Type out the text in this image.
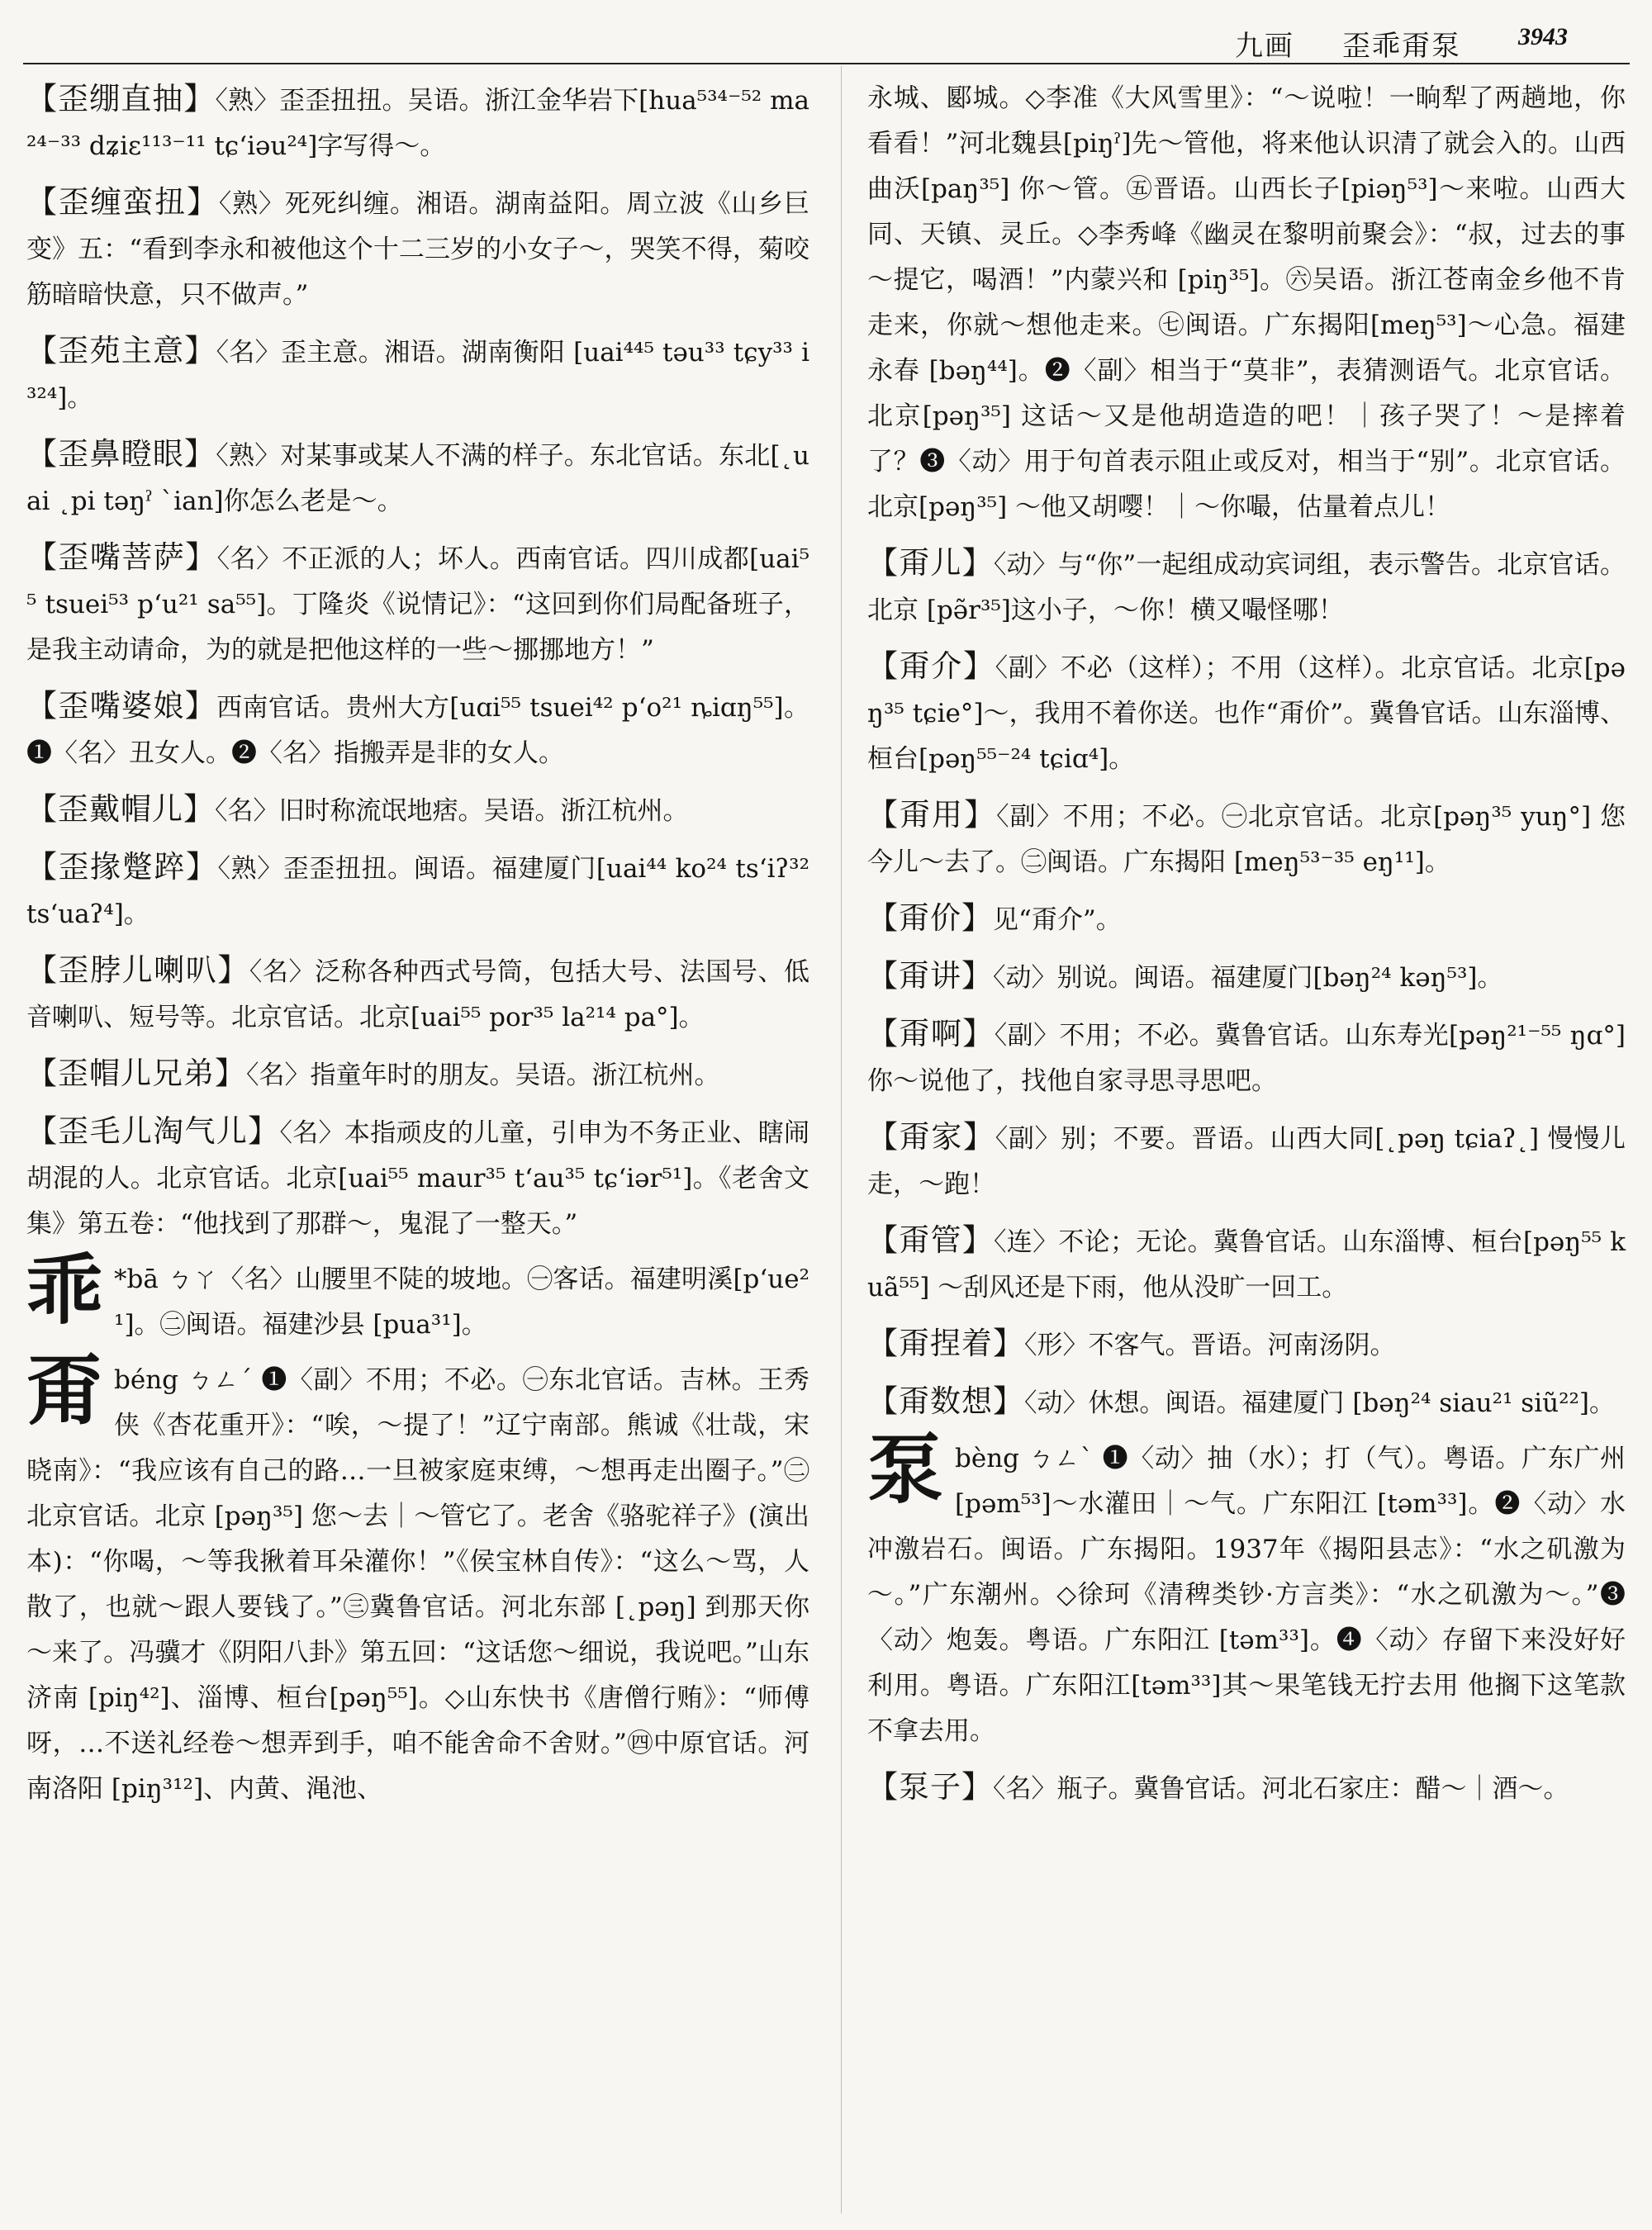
九画 歪乖甭泵 3943
【歪绷直抽】〈熟〉歪歪扭扭。吴语。浙江金华岩下[hua⁵³⁴⁻⁵² ma²⁴⁻³³ dʑiɛ¹¹³⁻¹¹ tɕʻiəu²⁴]字写得～。
【歪缠蛮扭】〈熟〉死死纠缠。湘语。湖南益阳。周立波《山乡巨变》五：“看到李永和被他这个十二三岁的小女子～，哭笑不得，菊咬筋暗暗快意，只不做声。”
【歪苑主意】〈名〉歪主意。湘语。湖南衡阳 [uai⁴⁴⁵ təu³³ tɕy³³ i³²⁴]。
【歪鼻瞪眼】〈熟〉对某事或某人不满的样子。东北官话。东北[˛uai ˛pi təŋˀ ˋian]你怎么老是～。
【歪嘴菩萨】〈名〉不正派的人；坏人。西南官话。四川成都[uai⁵⁵ tsuei⁵³ pʻu²¹ sa⁵⁵]。丁隆炎《说情记》：“这回到你们局配备班子，是我主动请命，为的就是把他这样的一些～挪挪地方！”
【歪嘴婆娘】西南官话。贵州大方[uɑi⁵⁵ tsuei⁴² pʻo²¹ ȵiɑŋ⁵⁵]。❶〈名〉丑女人。❷〈名〉指搬弄是非的女人。
【歪戴帽儿】〈名〉旧时称流氓地痞。吴语。浙江杭州。
【歪掾蹩踤】〈熟〉歪歪扭扭。闽语。福建厦门[uai⁴⁴ ko²⁴ tsʻiʔ³² tsʻuaʔ⁴]。
【歪脖儿喇叭】〈名〉泛称各种西式号筒，包括大号、法国号、低音喇叭、短号等。北京官话。北京[uai⁵⁵ por³⁵ la²¹⁴ pa°]。
【歪帽儿兄弟】〈名〉指童年时的朋友。吴语。浙江杭州。
【歪毛儿淘气儿】〈名〉本指顽皮的儿童，引申为不务正业、瞎闹胡混的人。北京官话。北京[uai⁵⁵ maur³⁵ tʻau³⁵ tɕʻiər⁵¹]。《老舍文集》第五卷：“他找到了那群～，鬼混了一整天。”
乖 *bā ㄅㄚ〈名〉山腰里不陡的坡地。㊀客话。福建明溪[pʻue²¹]。㊁闽语。福建沙县 [pua³¹]。
甭béng ㄅㄥˊ ❶〈副〉不用；不必。㊀东北官话。吉林。王秀侠《杏花重开》：“唉，～提了！”辽宁南部。熊诚《壮哉，宋晓南》：“我应该有自己的路…一旦被家庭束缚，～想再走出圈子。”㊁北京官话。北京 [pəŋ³⁵] 您～去｜～管它了。老舍《骆驼祥子》(演出本)：“你喝，～等我揪着耳朵灌你！”《侯宝林自传》：“这么～骂，人散了，也就～跟人要钱了。”㊂冀鲁官话。河北东部 [˛pəŋ] 到那天你～来了。冯骥才《阴阳八卦》第五回：“这话您～细说，我说吧。”山东济南 [piŋ⁴²]、淄博、桓台[pəŋ⁵⁵]。◇山东快书《唐僧行贿》：“师傅呀，…不送礼经卷～想弄到手，咱不能舍命不舍财。”㊃中原官话。河南洛阳 [piŋ³¹²]、内黄、渑池、
永城、郾城。◇李准《大风雪里》：“～说啦！一晌犁了两趟地，你看看！”河北魏县[piŋˀ]先～管他，将来他认识清了就会入的。山西曲沃[paŋ³⁵] 你～管。㊄晋语。山西长子[piəŋ⁵³]～来啦。山西大同、天镇、灵丘。◇李秀峰《幽灵在黎明前聚会》：“叔，过去的事～提它，喝酒！”内蒙兴和 [piŋ³⁵]。㊅吴语。浙江苍南金乡他不肯走来，你就～想他走来。㊆闽语。广东揭阳[meŋ⁵³]～心急。福建永春 [bəŋ⁴⁴]。❷〈副〉相当于“莫非”，表猜测语气。北京官话。北京[pəŋ³⁵] 这话～又是他胡造造的吧！｜孩子哭了！～是摔着了？❸〈动〉用于句首表示阻止或反对，相当于“别”。北京官话。北京[pəŋ³⁵] ～他又胡嘤！｜～你嘬，估量着点儿！
【甭儿】〈动〉与“你”一起组成动宾词组，表示警告。北京官话。北京 [pə̃r³⁵]这小子，～你！横又嘬怪哪！
【甭介】〈副〉不必（这样）；不用（这样）。北京官话。北京[pəŋ³⁵ tɕie°]～，我用不着你送。也作“甭价”。冀鲁官话。山东淄博、桓台[pəŋ⁵⁵⁻²⁴ tɕiɑ⁴]。
【甭用】〈副〉不用；不必。㊀北京官话。北京[pəŋ³⁵ yuŋ°] 您今儿～去了。㊁闽语。广东揭阳 [meŋ⁵³⁻³⁵ eŋ¹¹]。
【甭价】见“甭介”。
【甭讲】〈动〉别说。闽语。福建厦门[bəŋ²⁴ kəŋ⁵³]。
【甭啊】〈副〉不用；不必。冀鲁官话。山东寿光[pəŋ²¹⁻⁵⁵ ŋɑ°] 你～说他了，找他自家寻思寻思吧。
【甭家】〈副〉别；不要。晋语。山西大同[˛pəŋ tɕiaʔ˛] 慢慢儿走，～跑！
【甭管】〈连〉不论；无论。冀鲁官话。山东淄博、桓台[pəŋ⁵⁵ kuã⁵⁵] ～刮风还是下雨，他从没旷一回工。
【甭捏着】〈形〉不客气。晋语。河南汤阴。
【甭数想】〈动〉休想。闽语。福建厦门 [bəŋ²⁴ siau²¹ siũ²²]。
泵bèng ㄅㄥˋ ❶〈动〉抽（水）；打（气）。粤语。广东广州[pəm⁵³]～水灌田｜～气。广东阳江 [təm³³]。❷〈动〉水冲激岩石。闽语。广东揭阳。1937年《揭阳县志》：“水之矶激为～。”广东潮州。◇徐珂《清稗类钞·方言类》：“水之矶激为～。”❸〈动〉炮轰。粤语。广东阳江 [təm³³]。❹〈动〉存留下来没好好利用。粤语。广东阳江[təm³³]其～果笔钱无拧去用 他搁下这笔款不拿去用。
【泵子】〈名〉瓶子。冀鲁官话。河北石家庄：醋～｜酒～。
